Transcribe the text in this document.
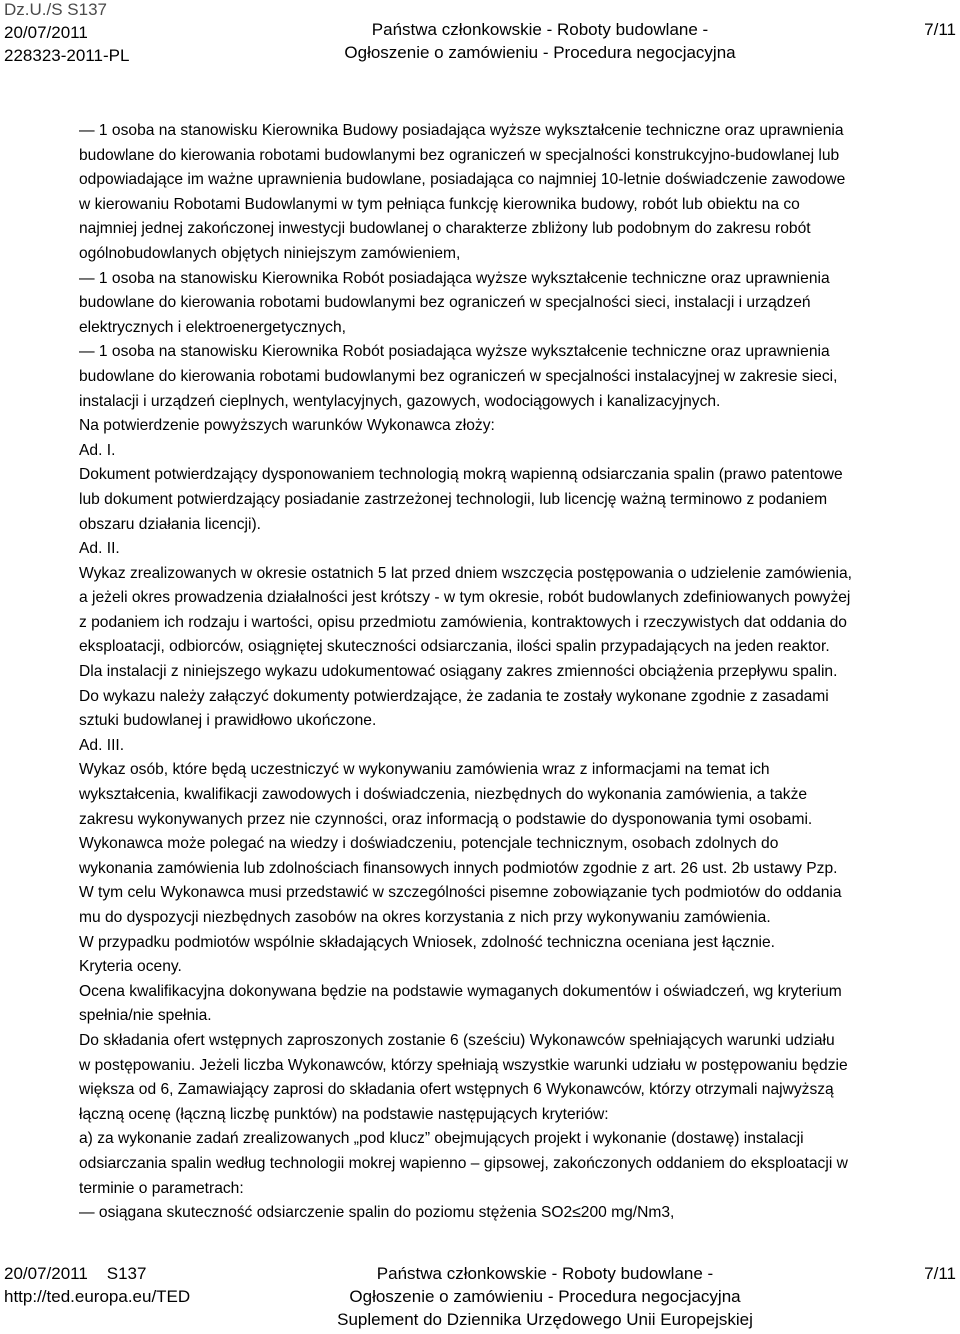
Dz.U./S S137
20/07/2011
228323-2011-PL
Państwa członkowskie - Roboty budowlane -
Ogłoszenie o zamówieniu - Procedura negocjacyjna
7/11

— 1 osoba na stanowisku Kierownika Budowy posiadająca wyższe wykształcenie techniczne oraz uprawnienia

budowlane do kierowania robotami budowlanymi bez ograniczeń w specjalności konstrukcyjno-budowlanej lub

odpowiadające im ważne uprawnienia budowlane, posiadająca co najmniej 10-letnie doświadczenie zawodowe

w kierowaniu Robotami Budowlanymi w tym pełniąca funkcję kierownika budowy, robót lub obiektu na co

najmniej jednej zakończonej inwestycji budowlanej o charakterze zbliżony lub podobnym do zakresu robót

ogólnobudowlanych objętych niniejszym zamówieniem,

— 1 osoba na stanowisku Kierownika Robót posiadająca wyższe wykształcenie techniczne oraz uprawnienia

budowlane do kierowania robotami budowlanymi bez ograniczeń w specjalności sieci, instalacji i urządzeń

elektrycznych i elektroenergetycznych,

— 1 osoba na stanowisku Kierownika Robót posiadająca wyższe wykształcenie techniczne oraz uprawnienia

budowlane do kierowania robotami budowlanymi bez ograniczeń w specjalności instalacyjnej w zakresie sieci,

instalacji i urządzeń cieplnych, wentylacyjnych, gazowych, wodociągowych i kanalizacyjnych.

Na potwierdzenie powyższych warunków Wykonawca złoży:

Ad. I.

Dokument potwierdzający dysponowaniem technologią mokrą wapienną odsiarczania spalin (prawo patentowe

lub dokument potwierdzający posiadanie zastrzeżonej technologii, lub licencję ważną terminowo z podaniem

obszaru działania licencji).

Ad. II.

Wykaz zrealizowanych w okresie ostatnich 5 lat przed dniem wszczęcia postępowania o udzielenie zamówienia,

a jeżeli okres prowadzenia działalności jest krótszy - w tym okresie, robót budowlanych zdefiniowanych powyżej

z podaniem ich rodzaju i wartości, opisu przedmiotu zamówienia, kontraktowych i rzeczywistych dat oddania do

eksploatacji, odbiorców, osiągniętej skuteczności odsiarczania, ilości spalin przypadających na jeden reaktor.

Dla instalacji z niniejszego wykazu udokumentować osiągany zakres zmienności obciążenia przepływu spalin.

Do wykazu należy załączyć dokumenty potwierdzające, że zadania te zostały wykonane zgodnie z zasadami

sztuki budowlanej i prawidłowo ukończone.

Ad. III.

Wykaz osób, które będą uczestniczyć w wykonywaniu zamówienia wraz z informacjami na temat ich

wykształcenia, kwalifikacji zawodowych i doświadczenia, niezbędnych do wykonania zamówienia, a także

zakresu wykonywanych przez nie czynności, oraz informacją o podstawie do dysponowania tymi osobami.

Wykonawca może polegać na wiedzy i doświadczeniu, potencjale technicznym, osobach zdolnych do

wykonania zamówienia lub zdolnościach finansowych innych podmiotów zgodnie z art. 26 ust. 2b ustawy Pzp.

W tym celu Wykonawca musi przedstawić w szczególności pisemne zobowiązanie tych podmiotów do oddania

mu do dyspozycji niezbędnych zasobów na okres korzystania z nich przy wykonywaniu zamówienia.

W przypadku podmiotów wspólnie składających Wniosek, zdolność techniczna oceniana jest łącznie.

Kryteria oceny.

Ocena kwalifikacyjna dokonywana będzie na podstawie wymaganych dokumentów i oświadczeń, wg kryterium

spełnia/nie spełnia.

Do składania ofert wstępnych zaproszonych zostanie 6 (sześciu) Wykonawców spełniających warunki udziału

w postępowaniu. Jeżeli liczba Wykonawców, którzy spełniają wszystkie warunki udziału w postępowaniu będzie

większa od 6, Zamawiający zaprosi do składania ofert wstępnych 6 Wykonawców, którzy otrzymali najwyższą

łączną ocenę (łączną liczbę punktów) na podstawie następujących kryteriów:

a) za wykonanie zadań zrealizowanych „pod klucz” obejmujących projekt i wykonanie (dostawę) instalacji

odsiarczania spalin według technologii mokrej wapienno – gipsowej, zakończonych oddaniem do eksploatacji w

terminie o parametrach:

— osiągana skuteczność odsiarczenie spalin do poziomu stężenia SO2≤200 mg/Nm3,

20/07/2011 S137
http://ted.europa.eu/TED
Państwa członkowskie - Roboty budowlane -
Ogłoszenie o zamówieniu - Procedura negocjacyjna
Suplement do Dziennika Urzędowego Unii Europejskiej
7/11
